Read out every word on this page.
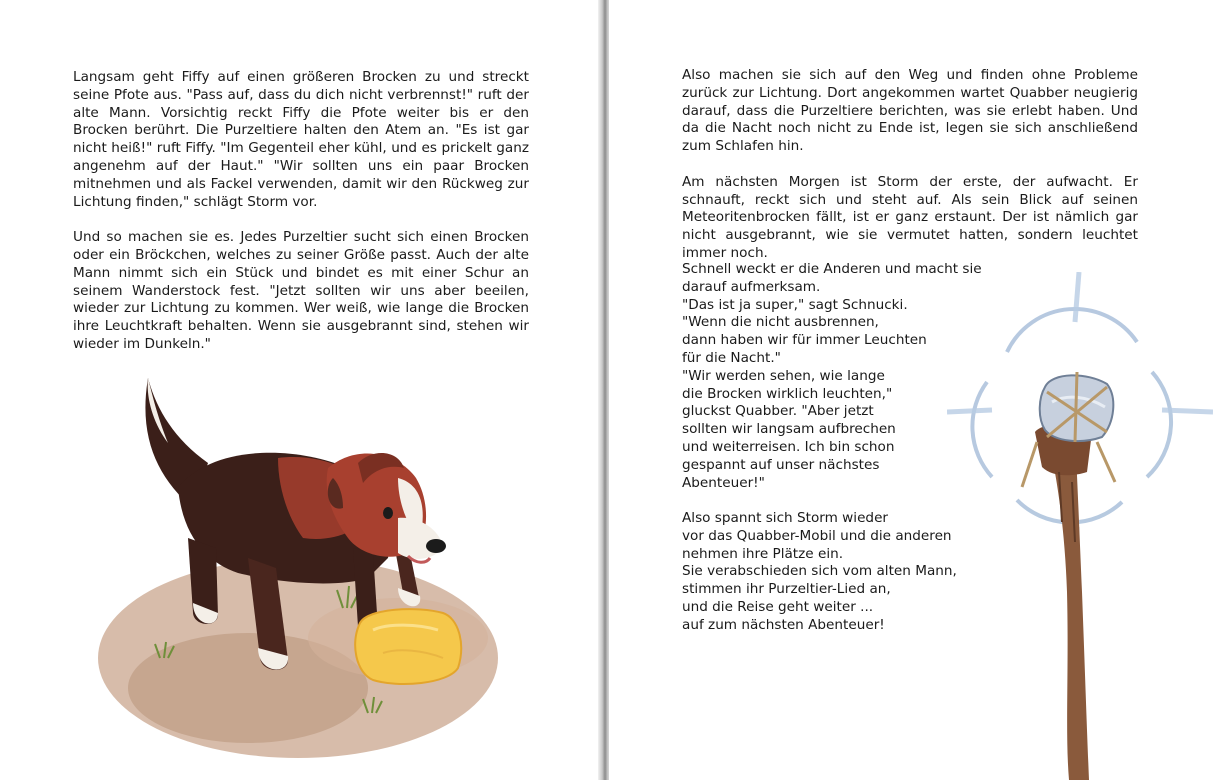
Langsam geht Fiffy auf einen größeren Brocken zu und streckt seine Pfote aus. "Pass auf, dass du dich nicht verbrennst!" ruft der alte Mann. Vorsichtig reckt Fiffy die Pfote weiter bis er den Brocken berührt. Die Purzeltiere halten den Atem an. "Es ist gar nicht heiß!" ruft Fiffy. "Im Gegenteil eher kühl, und es prickelt ganz angenehm auf der Haut." "Wir sollten uns ein paar Brocken mitnehmen und als Fackel verwenden, damit wir den Rückweg zur Lichtung finden," schlägt Storm vor.

Und so machen sie es. Jedes Purzeltier sucht sich einen Brocken oder ein Bröckchen, welches zu seiner Größe passt. Auch der alte Mann nimmt sich ein Stück und bindet es mit einer Schur an seinem Wanderstock fest. "Jetzt sollten wir uns aber beeilen, wieder zur Lichtung zu kommen. Wer weiß, wie lange die Brocken ihre Leuchtkraft behalten. Wenn sie ausgebrannt sind, stehen wir wieder im Dunkeln."

Also machen sie sich auf den Weg und finden ohne Probleme zurück zur Lichtung. Dort angekommen wartet Quabber neugierig darauf, dass die Purzeltiere berichten, was sie erlebt haben. Und da die Nacht noch nicht zu Ende ist, legen sie sich anschließend zum Schlafen hin.

Am nächsten Morgen ist Storm der erste, der aufwacht. Er schnauft, reckt sich und steht auf. Als sein Blick auf seinen Meteoritenbrocken fällt, ist er ganz erstaunt. Der ist nämlich gar nicht ausgebrannt, wie sie vermutet hatten, sondern leuchtet immer noch.

Schnell weckt er die Anderen und macht sie
darauf aufmerksam.
"Das ist ja super," sagt Schnucki.
"Wenn die nicht ausbrennen,
dann haben wir für immer Leuchten
für die Nacht."
"Wir werden sehen, wie lange
die Brocken wirklich leuchten,"
gluckst Quabber. "Aber jetzt
sollten wir langsam aufbrechen
und weiterreisen. Ich bin schon
gespannt auf unser nächstes
Abenteuer!"
Also spannt sich Storm wieder
vor das Quabber-Mobil und die anderen
nehmen ihre Plätze ein.
Sie verabschieden sich vom alten Mann,
stimmen ihr Purzeltier-Lied an,
und die Reise geht weiter ...
auf zum nächsten Abenteuer!
